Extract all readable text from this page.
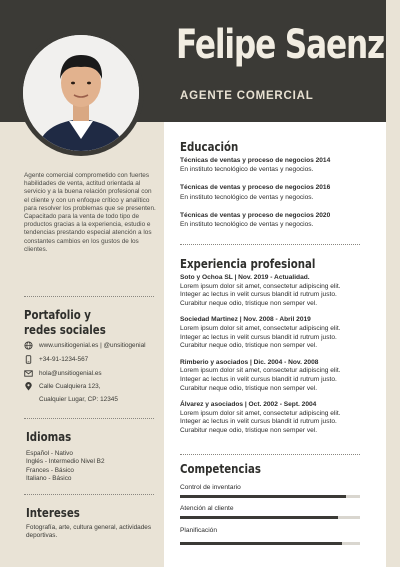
Felipe Saenz
AGENTE COMERCIAL
Agente comercial comprometido con fuertes habilidades de venta, actitud orientada al servicio y a la buena relación profesional con el cliente y con un enfoque crítico y analítico para resolver los problemas que se presenten. Capacitado para la venta de todo tipo de productos gracias a la experiencia, estudio e tendencias prestando especial atención a los constantes cambios en los gustos de los clientes.
Portafolio y
redes sociales
www.unsitiogenial.es | @unsitiogenial
+34-91-1234-567
hola@unsitiogenial.es
Calle Cualquiera 123,
Cualquier Lugar, CP: 12345
Idiomas
Español - Nativo
Inglés - Intermedio Nivel B2
Frances - Básico
Italiano - Básico
Intereses
Fotografía, arte, cultura general, actividades deportivas.
Educación
Técnicas de ventas y proceso de negocios 2014
En instituto tecnológico de ventas y negocios.
Técnicas de ventas y proceso de negocios 2016
En instituto tecnológico de ventas y negocios.
Técnicas de ventas y proceso de negocios 2020
En instituto tecnológico de ventas y negocios.
Experiencia profesional
Soto y Ochoa SL | Nov. 2019 - Actualidad.
Lorem ipsum dolor sit amet, consectetur adipiscing elit.
Integer ac lectus in velit cursus blandit id rutrum justo.
Curabitur neque odio, tristique non semper vel.
Sociedad Martinez | Nov. 2008 - Abril 2019
Lorem ipsum dolor sit amet, consectetur adipiscing elit.
Integer ac lectus in velit cursus blandit id rutrum justo.
Curabitur neque odio, tristique non semper vel.
Rimberio y asociados | Dic. 2004 - Nov. 2008
Lorem ipsum dolor sit amet, consectetur adipiscing elit.
Integer ac lectus in velit cursus blandit id rutrum justo.
Curabitur neque odio, tristique non semper vel.
Álvarez y asociados | Oct. 2002 - Sept. 2004
Lorem ipsum dolor sit amet, consectetur adipiscing elit.
Integer ac lectus in velit cursus blandit id rutrum justo.
Curabitur neque odio, tristique non semper vel.
Competencias
Control de inventario
Atención al cliente
Planificación
